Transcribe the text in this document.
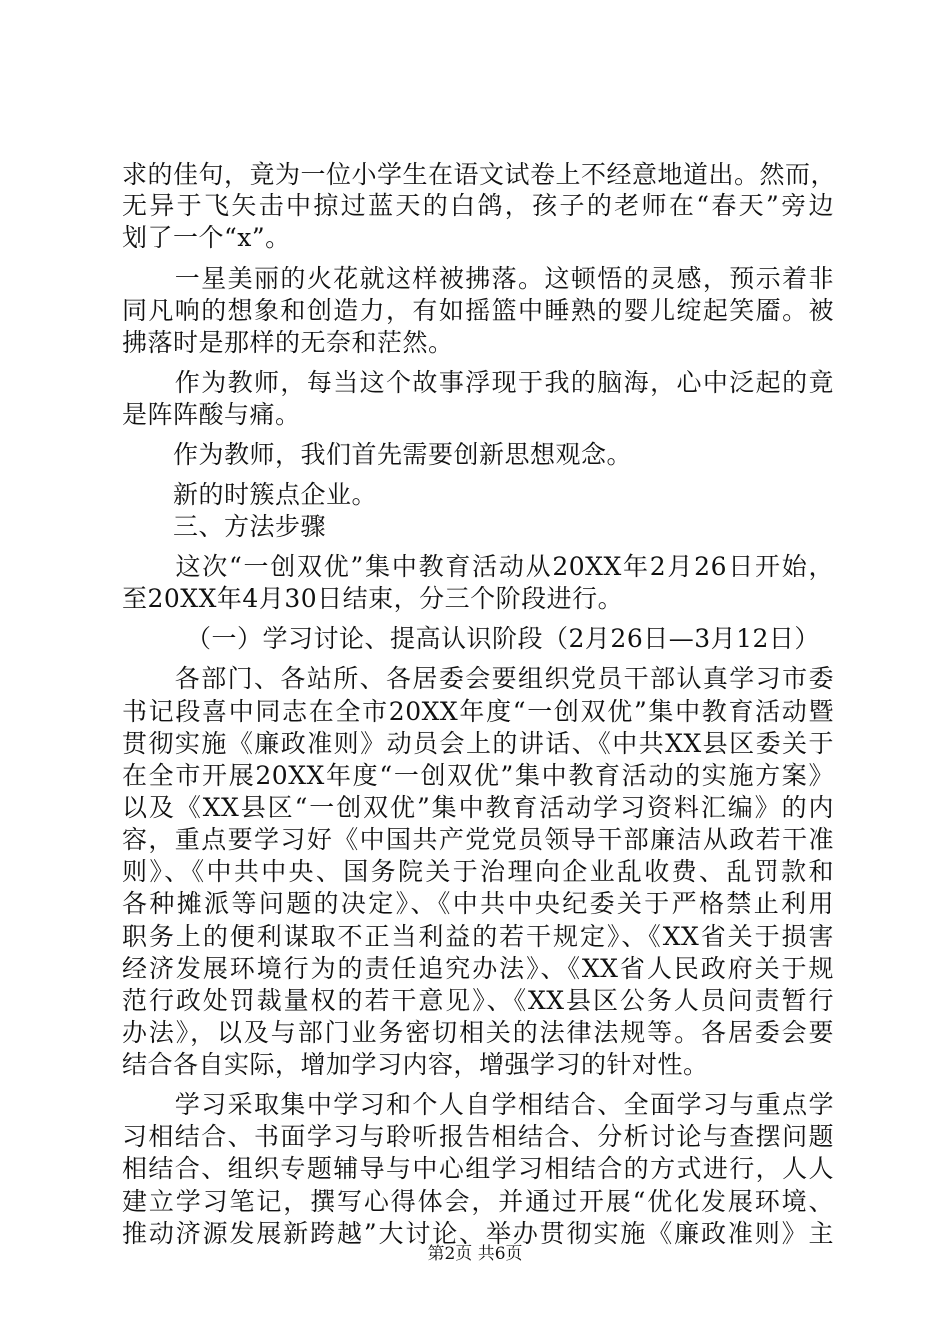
求的佳句，竟为一位小学生在语文试卷上不经意地道出。然而，
无异于飞矢击中掠过蓝天的白鸽，孩子的老师在“春天”旁边
划了一个“x”。
　　一星美丽的火花就这样被拂落。这顿悟的灵感，预示着非
同凡响的想象和创造力，有如摇篮中睡熟的婴儿绽起笑靥。被
拂落时是那样的无奈和茫然。
　　作为教师，每当这个故事浮现于我的脑海，心中泛起的竟
是阵阵酸与痛。
　　作为教师，我们首先需要创新思想观念。
　　新的时簇点企业。
　　三、方法步骤
　　这次“一创双优”集中教育活动从20XX年2月26日开始，
至20XX年4月30日结束，分三个阶段进行。
　　　（一）学习讨论、提高认识阶段（2月26日—3月12日）
　　各部门、各站所、各居委会要组织党员干部认真学习市委
书记段喜中同志在全市20XX年度“一创双优”集中教育活动暨
贯彻实施《廉政准则》动员会上的讲话、《中共XX县区委关于
在全市开展20XX年度“一创双优”集中教育活动的实施方案》
以及《XX县区“一创双优”集中教育活动学习资料汇编》的内
容，重点要学习好《中国共产党党员领导干部廉洁从政若干准
则》、《中共中央、国务院关于治理向企业乱收费、乱罚款和
各种摊派等问题的决定》、《中共中央纪委关于严格禁止利用
职务上的便利谋取不正当利益的若干规定》、《XX省关于损害
经济发展环境行为的责任追究办法》、《XX省人民政府关于规
范行政处罚裁量权的若干意见》、《XX县区公务人员问责暂行
办法》，以及与部门业务密切相关的法律法规等。各居委会要
结合各自实际，增加学习内容，增强学习的针对性。
　　学习采取集中学习和个人自学相结合、全面学习与重点学
习相结合、书面学习与聆听报告相结合、分析讨论与查摆问题
相结合、组织专题辅导与中心组学习相结合的方式进行，人人
建立学习笔记，撰写心得体会，并通过开展“优化发展环境、
推动济源发展新跨越”大讨论、举办贯彻实施《廉政准则》主
第2页 共6页
